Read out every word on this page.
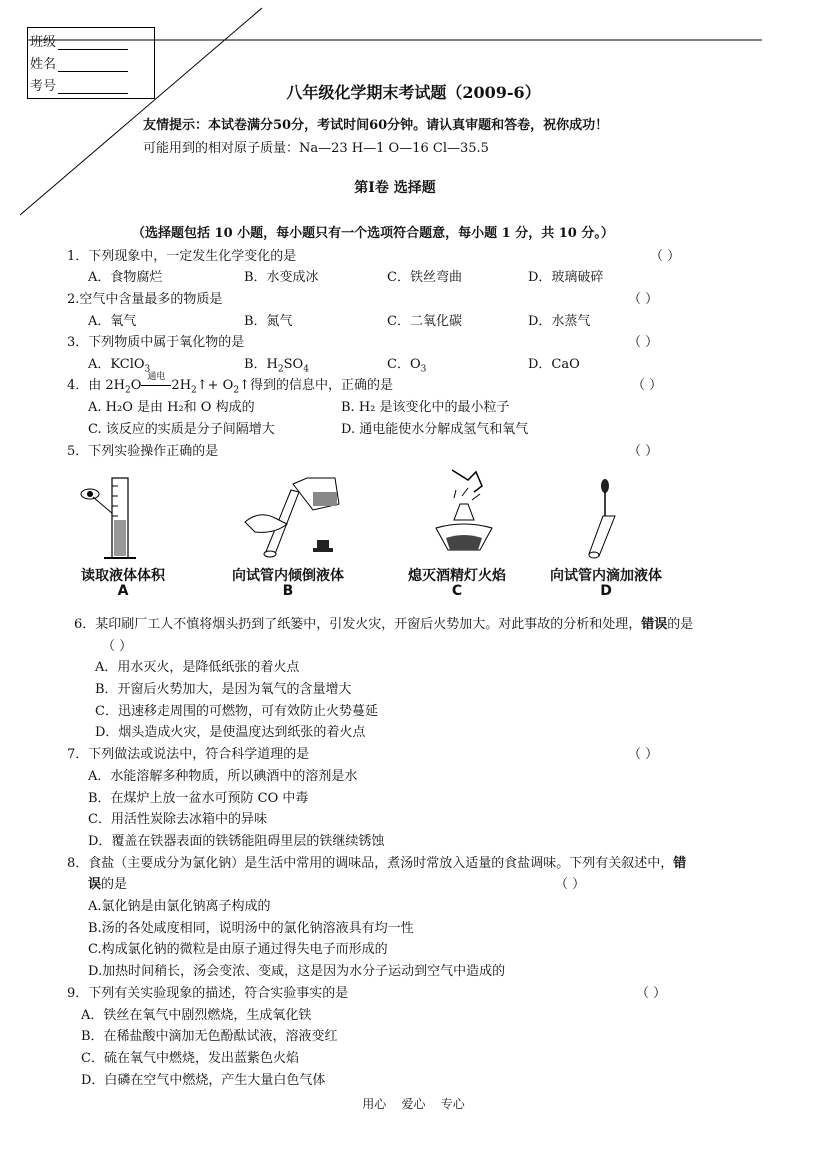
班级
姓名
考号	八年级化学期末考试题（2009-6）
友情提示：本试卷满分50分，考试时间60分钟。请认真审题和答卷，祝你成功！
可能用到的相对原子质量：Na—23 H—1 O—16 Cl—35.5
第Ⅰ卷 选择题
（选择题包括 10 小题，每小题只有一个选项符合题意，每小题 1 分，共 10 分。）
1．下列现象中，一定发生化学变化的是	（ ）
A．食物腐烂	B．水变成冰	C．铁丝弯曲	D．玻璃破碎
2.空气中含量最多的物质是	（ ）
A．氧气	B．氮气	C．二氧化碳	D．水蒸气
3．下列物质中属于氧化物的是	（ ）
A．KClO$_3$	B．$H_2SO_4$	C．$O_3$	D．CaO
4．由 $2H_2O$
通电
$2H_2↑+$ $O_2↑$得到的信息中，正确的是	（ ）
A. H₂O 是由 H₂和 O 构成的	B. H₂ 是该变化中的最小粒子
C. 该反应的实质是分子间隔增大	D. 通电能使水分解成氢气和氧气
5．下列实验操作正确的是	（ ）
读取液体体积	向试管内倾倒液体	熄灭酒精灯火焰	向试管内滴加液体
A	B	C	D
6．某印刷厂工人不慎将烟头扔到了纸篓中，引发火灾，开窗后火势加大。对此事故的分析和处理，错误的是
（ ）
A．用水灭火，是降低纸张的着火点
B．开窗后火势加大，是因为氧气的含量增大
C．迅速移走周围的可燃物，可有效防止火势蔓延
D．烟头造成火灾，是使温度达到纸张的着火点
7．下列做法或说法中，符合科学道理的是	（ ）
A．水能溶解多种物质，所以碘酒中的溶剂是水
B．在煤炉上放一盆水可预防 CO 中毒
C．用活性炭除去冰箱中的异味
D．覆盖在铁器表面的铁锈能阻碍里层的铁继续锈蚀
8．食盐（主要成分为氯化钠）是生活中常用的调味品，煮汤时常放入适量的食盐调味。下列有关叙述中，错
误的是	（ ）
A.氯化钠是由氯化钠离子构成的
B.汤的各处咸度相同，说明汤中的氯化钠溶液具有均一性
C.构成氯化钠的微粒是由原子通过得失电子而形成的
D.加热时间稍长，汤会变浓、变咸，这是因为水分子运动到空气中造成的
9．下列有关实验现象的描述，符合实验事实的是	（ ）
A．铁丝在氧气中剧烈燃烧，生成氧化铁
B．在稀盐酸中滴加无色酚酞试液，溶液变红
C．硫在氧气中燃烧，发出蓝紫色火焰
D．白磷在空气中燃烧，产生大量白色气体
用心    爱心    专心
